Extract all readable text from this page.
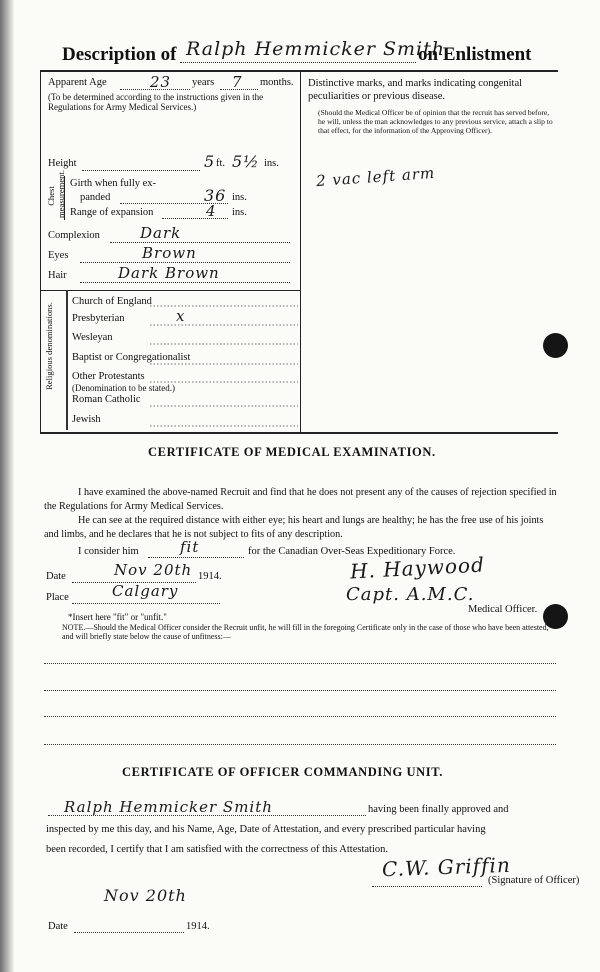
Description of Ralph Hemmicker Smith
on Enlistment
Apparent Age	23 years 7 months.
(To be determined according to the instructions given in the Regulations for Army Medical Services.)
Height	5 ft. 5½ ins.
Chest measurement. Girth when fully ex-
panded	36 ins.
Range of expansion	4 ins.
Complexion	Dark
Eyes	Brown
Hair	Dark Brown
Religious denominations.
Church of England
Presbyterian	x
Wesleyan
Baptist or Congregationalist
Other Protestants
(Denomination to be stated.)
Roman Catholic
Jewish
Distinctive marks, and marks indicating congenital peculiarities or previous disease.
(Should the Medical Officer be of opinion that the recruit has served before, he will, unless the man acknowledges to any previous service, attach a slip to that effect, for the information of the Approving Officer).
2 vac left arm
CERTIFICATE OF MEDICAL EXAMINATION.
I have examined the above-named Recruit and find that he does not present any of the causes of rejection specified in the Regulations for Army Medical Services.
He can see at the required distance with either eye; his heart and lungs are healthy; he has the free use of his joints and limbs, and he declares that he is not subject to fits of any description.
I consider him	fit	for the Canadian Over-Seas Expeditionary Force.
Date	Nov 20th 1914.
Place	Calgary
H. Haywood
Capt. A.M.C.
Medical Officer.
*Insert here "fit" or "unfit."
NOTE.—Should the Medical Officer consider the Recruit unfit, he will fill in the foregoing Certificate only in the case of those who have been attested, and will briefly state below the cause of unfitness:—
CERTIFICATE OF OFFICER COMMANDING UNIT.
Ralph Hemmicker Smith	having been finally approved and
inspected by me this day, and his Name, Age, Date of Attestation, and every prescribed particular having
been recorded, I certify that I am satisfied with the correctness of this Attestation.
C.W. Griffin
(Signature of Officer)
Nov 20th
Date	1914.
